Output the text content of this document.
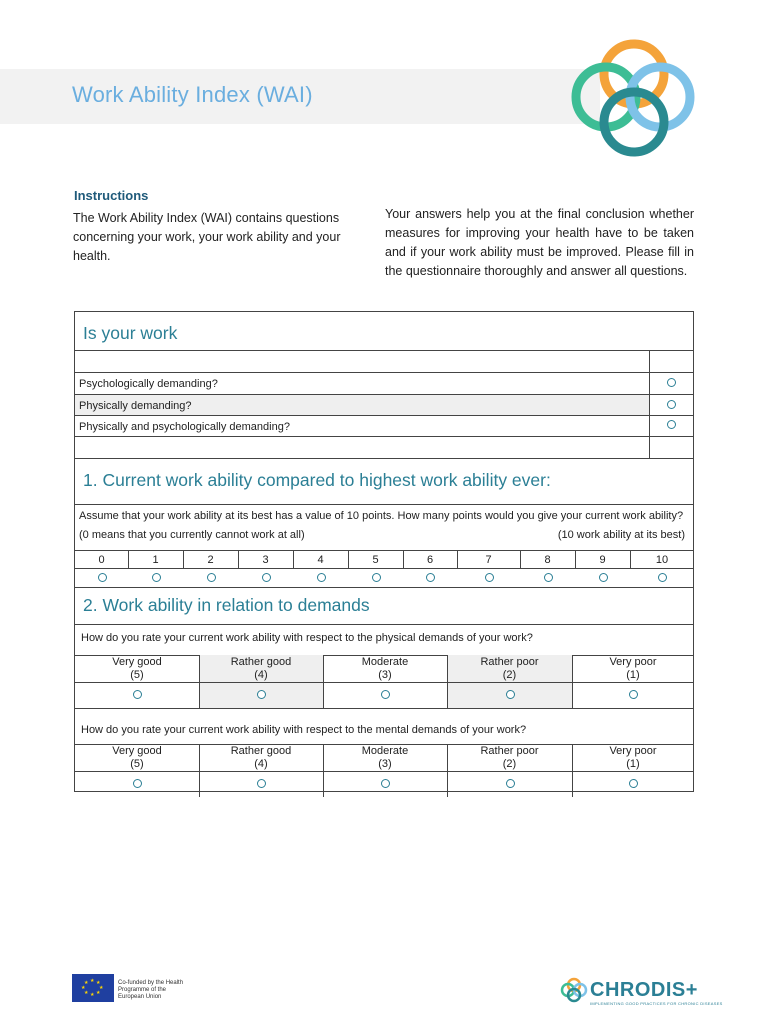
Work Ability Index (WAI)
Instructions
The Work Ability Index (WAI) contains questions concerning your work, your work ability and your health.
Your answers help you at the final conclusion whether measures for improving your health have to be taken and if your work ability must be improved. Please fill in the questionnaire thoroughly and answer all questions.
Is your work
Psychologically demanding?
Physically demanding?
Physically and psychologically demanding?
1. Current work ability compared to highest work ability ever:
Assume that your work ability at its best has a value of 10 points. How many points would you give your current work ability?
(0 means that you currently cannot work at all)	(10 work ability at its best)
0	1	2	3	4	5	6	7	8	9	10
2. Work ability in relation to demands
How do you rate your current work ability with respect to the physical demands of your work?
Very good
(5)
Rather good
(4)
Moderate
(3)
Rather poor
(2)
Very poor
(1)
How do you rate your current work ability with respect to the mental demands of your work?
Very good
(5)
Rather good
(4)
Moderate
(3)
Rather poor
(2)
Very poor
(1)
★ ★
★
★
★
★
★
★	Co-funded by the Health Programme of the European Union	CHRODIS+
IMPLEMENTING GOOD PRACTICES FOR CHRONIC DISEASES
